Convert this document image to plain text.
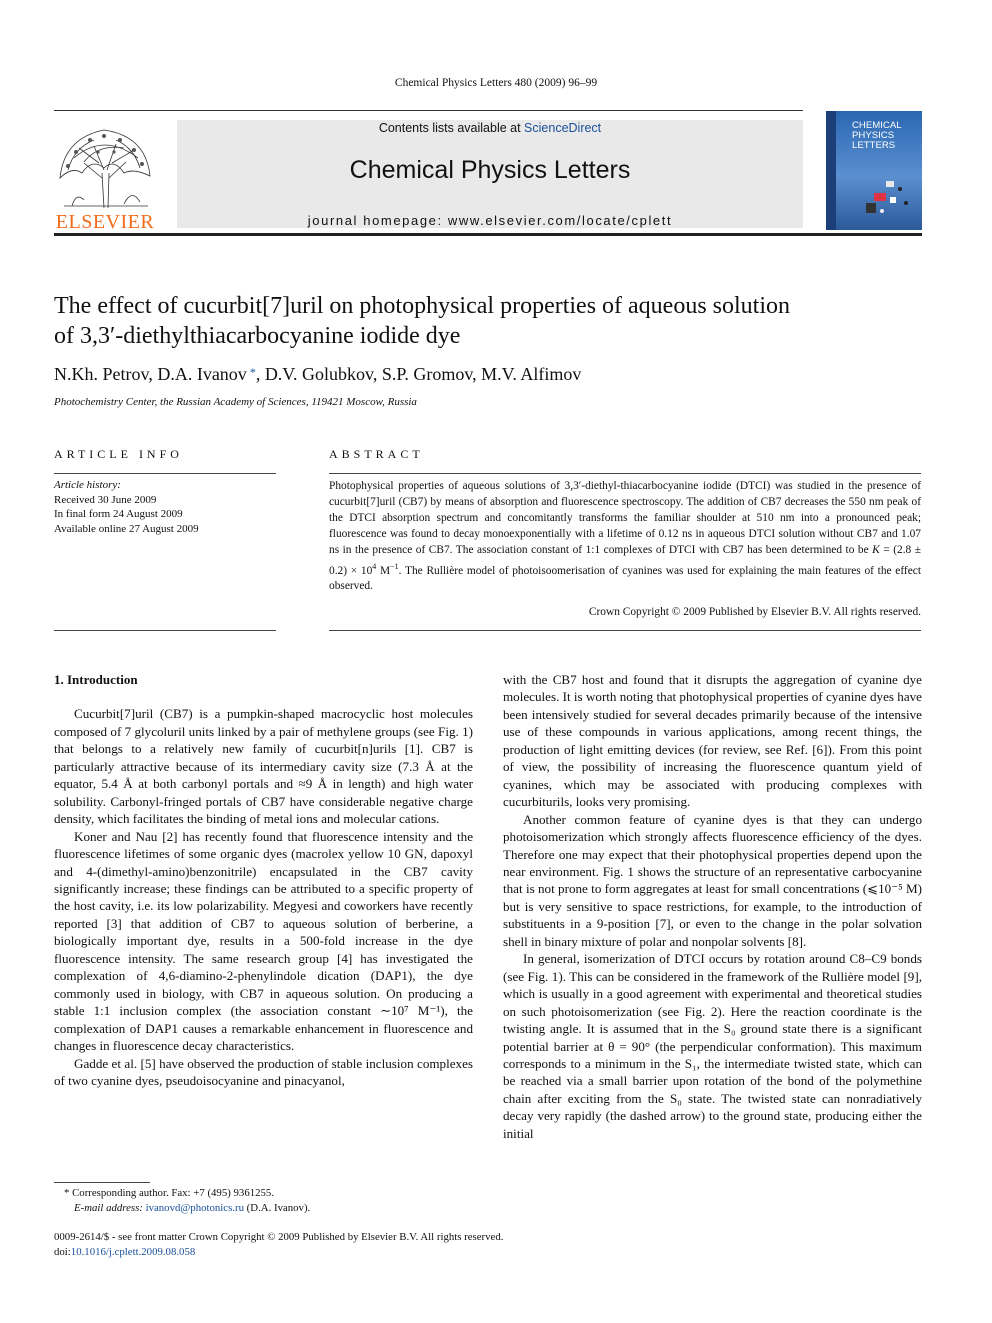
Chemical Physics Letters 480 (2009) 96–99
ELSEVIER
Contents lists available at ScienceDirect
Chemical Physics Letters
journal homepage: www.elsevier.com/locate/cplett
CHEMICAL
PHYSICS
LETTERS
The effect of cucurbit[7]uril on photophysical properties of aqueous solution
of 3,3′-diethylthiacarbocyanine iodide dye
N.Kh. Petrov, D.A. Ivanov *, D.V. Golubkov, S.P. Gromov, M.V. Alfimov
Photochemistry Center, the Russian Academy of Sciences, 119421 Moscow, Russia
ARTICLE INFO	ABSTRACT
Article history:
Received 30 June 2009
In final form 24 August 2009
Available online 27 August 2009
Photophysical properties of aqueous solutions of 3,3′-diethyl-thiacarbocyanine iodide (DTCI) was studied in the presence of cucurbit[7]uril (CB7) by means of absorption and fluorescence spectroscopy. The addition of CB7 decreases the 550 nm peak of the DTCI absorption spectrum and concomitantly transforms the familiar shoulder at 510 nm into a pronounced peak; fluorescence was found to decay monoexponentially with a lifetime of 0.12 ns in aqueous DTCI solution without CB7 and 1.07 ns in the presence of CB7. The association constant of 1:1 complexes of DTCI with CB7 has been determined to be $K = (2.8 \pm 0.2) \times 10^4$ $M^{-1}$. The Rullière model of photoisoomerisation of cyanines was used for explaining the main features of the effect observed.
Crown Copyright © 2009 Published by Elsevier B.V. All rights reserved.
1. Introduction

Cucurbit[7]uril (CB7) is a pumpkin-shaped macrocyclic host molecules composed of 7 glycoluril units linked by a pair of methylene groups (see Fig. 1) that belongs to a relatively new family of cucurbit[n]urils [1]. CB7 is particularly attractive because of its intermediary cavity size (7.3 Å at the equator, 5.4 Å at both carbonyl portals and ≈9 Å in length) and high water solubility. Carbonyl-fringed portals of CB7 have considerable negative charge density, which facilitates the binding of metal ions and molecular cations.

Koner and Nau [2] has recently found that fluorescence intensity and the fluorescence lifetimes of some organic dyes (macrolex yellow 10 GN, dapoxyl and 4-(dimethyl-amino)benzonitrile) encapsulated in the CB7 cavity significantly increase; these findings can be attributed to a specific property of the host cavity, i.e. its low polarizability. Megyesi and coworkers have recently reported [3] that addition of CB7 to aqueous solution of berberine, a biologically important dye, results in a 500-fold increase in the dye fluorescence intensity. The same research group [4] has investigated the complexation of 4,6-diamino-2-phenylindole dication (DAP1), the dye commonly used in biology, with CB7 in aqueous solution. On producing a stable 1:1 inclusion complex (the association constant ∼10⁷ M⁻¹), the complexation of DAP1 causes a remarkable enhancement in fluorescence and changes in fluorescence decay characteristics.

Gadde et al. [5] have observed the production of stable inclusion complexes of two cyanine dyes, pseudoisocyanine and pinacyanol,

with the CB7 host and found that it disrupts the aggregation of cyanine dye molecules. It is worth noting that photophysical properties of cyanine dyes have been intensively studied for several decades primarily because of the intensive use of these compounds in various applications, among recent things, the production of light emitting devices (for review, see Ref. [6]). From this point of view, the possibility of increasing the fluorescence quantum yield of cyanines, which may be associated with producing complexes with cucurbiturils, looks very promising.

Another common feature of cyanine dyes is that they can undergo photoisomerization which strongly affects fluorescence efficiency of the dyes. Therefore one may expect that their photophysical properties depend upon the near environment. Fig. 1 shows the structure of an representative carbocyanine that is not prone to form aggregates at least for small concentrations (⩽10⁻⁵ M) but is very sensitive to space restrictions, for example, to the introduction of substituents in a 9-position [7], or even to the change in the polar solvation shell in binary mixture of polar and nonpolar solvents [8].

In general, isomerization of DTCI occurs by rotation around C8–C9 bonds (see Fig. 1). This can be considered in the framework of the Rullière model [9], which is usually in a good agreement with experimental and theoretical studies on such photoisomerization (see Fig. 2). Here the reaction coordinate is the twisting angle. It is assumed that in the S₀ ground state there is a significant potential barrier at θ = 90° (the perpendicular conformation). This maximum corresponds to a minimum in the S₁, the intermediate twisted state, which can be reached via a small barrier upon rotation of the bond of the polymethine chain after exciting from the S₀ state. The twisted state can nonradiatively decay very rapidly (the dashed arrow) to the ground state, producing either the initial

* Corresponding author. Fax: +7 (495) 9361255.
E-mail address: ivanovd@photonics.ru (D.A. Ivanov).
0009-2614/$ - see front matter Crown Copyright © 2009 Published by Elsevier B.V. All rights reserved.
doi:10.1016/j.cplett.2009.08.058
